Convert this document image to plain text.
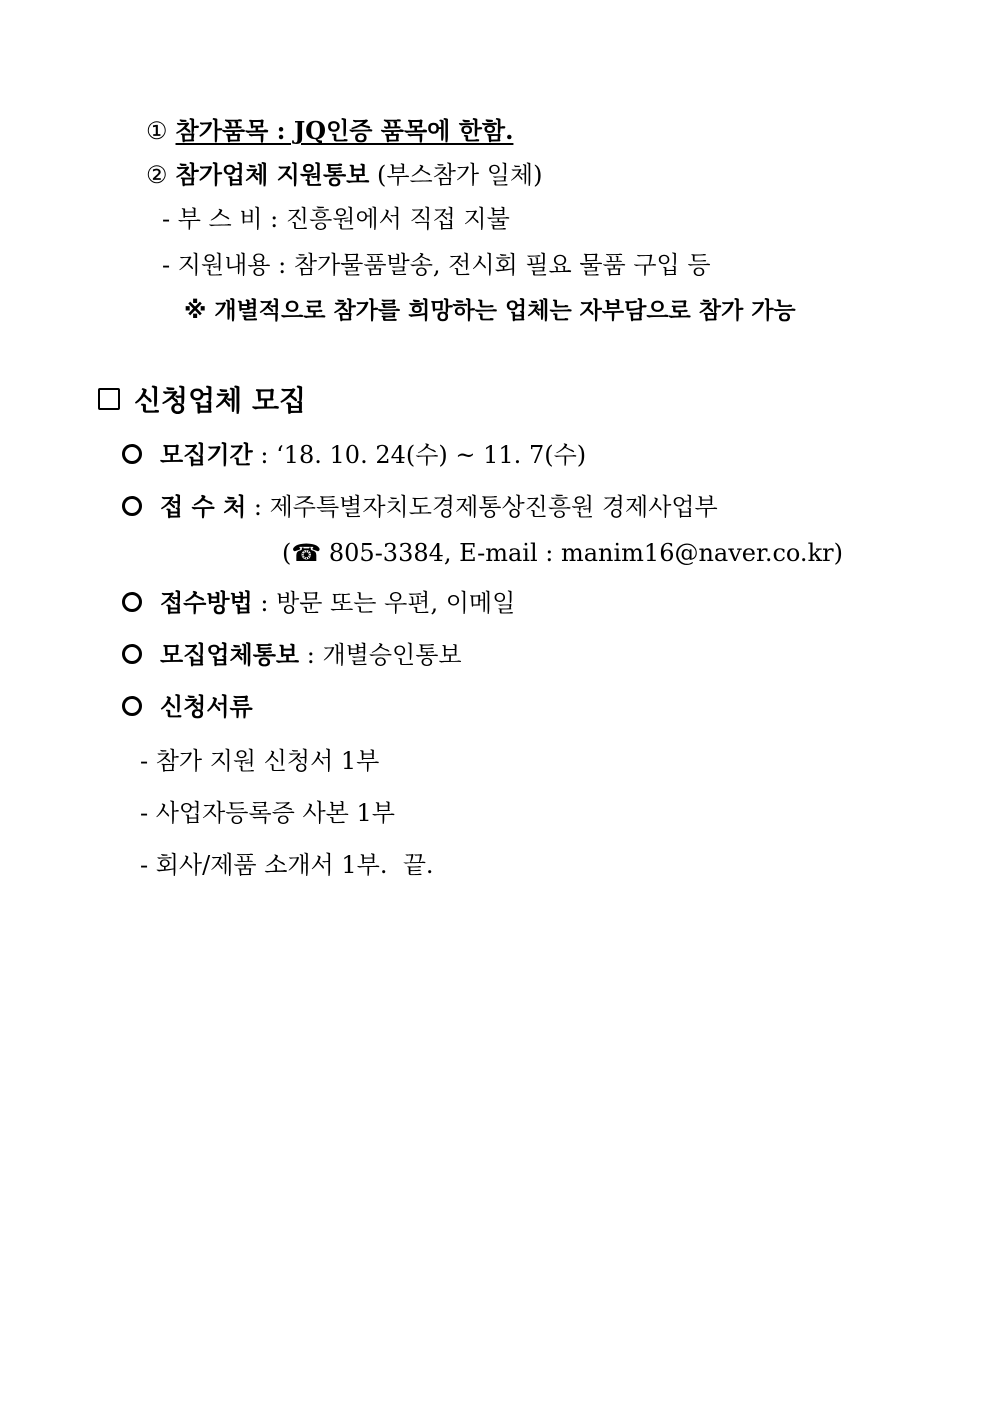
① 참가품목 : JQ인증 품목에 한함.
② 참가업체 지원통보 (부스참가 일체)
- 부 스 비 : 진흥원에서 직접 지불
- 지원내용 : 참가물품발송, 전시회 필요 물품 구입 등
※ 개별적으로 참가를 희망하는 업체는 자부담으로 참가 가능
신청업체 모집
모집기간 : ‘18. 10. 24(수) ~ 11. 7(수)
접 수 처 : 제주특별자치도경제통상진흥원 경제사업부
(☎ 805-3384, E-mail : manim16@naver.co.kr)
접수방법 : 방문 또는 우편, 이메일
모집업체통보 : 개별승인통보
신청서류
- 참가 지원 신청서 1부
- 사업자등록증 사본 1부
- 회사/제품 소개서 1부.  끝.
